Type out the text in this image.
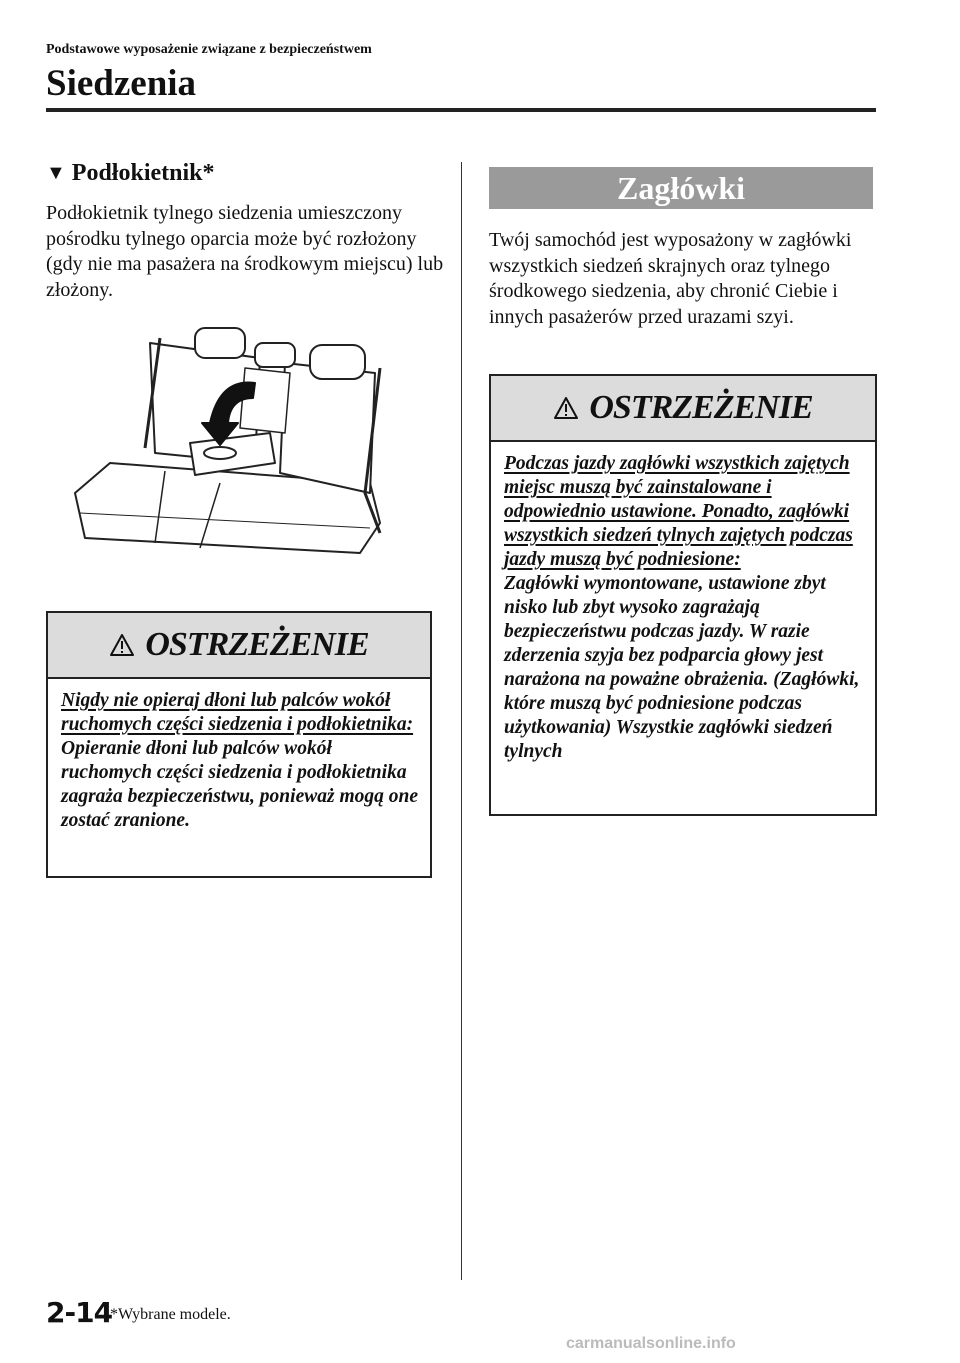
Podstawowe wyposażenie związane z bezpieczeństwem
Siedzenia
▼ Podłokietnik*
Podłokietnik tylnego siedzenia umieszczony pośrodku tylnego oparcia może być rozłożony (gdy nie ma pasażera na środkowym miejscu) lub złożony.
OSTRZEŻENIE
Nigdy nie opieraj dłoni lub palców wokół ruchomych części siedzenia i podłokietnika:
Opieranie dłoni lub palców wokół ruchomych części siedzenia i podłokietnika zagraża bezpieczeństwu, ponieważ mogą one zostać zranione.
Zagłówki
Twój samochód jest wyposażony w zagłówki wszystkich siedzeń skrajnych oraz tylnego środkowego siedzenia, aby chronić Ciebie i innych pasażerów przed urazami szyi.
OSTRZEŻENIE
Podczas jazdy zagłówki wszystkich zajętych miejsc muszą być zainstalowane i odpowiednio ustawione. Ponadto, zagłówki wszystkich siedzeń tylnych zajętych podczas jazdy muszą być podniesione:
Zagłówki wymontowane, ustawione zbyt nisko lub zbyt wysoko zagrażają bezpieczeństwu podczas jazdy. W razie zderzenia szyja bez podparcia głowy jest narażona na poważne obrażenia. (Zagłówki, które muszą być podniesione podczas użytkowania) Wszystkie zagłówki siedzeń tylnych
2-14
*Wybrane modele.
carmanualsonline.info
